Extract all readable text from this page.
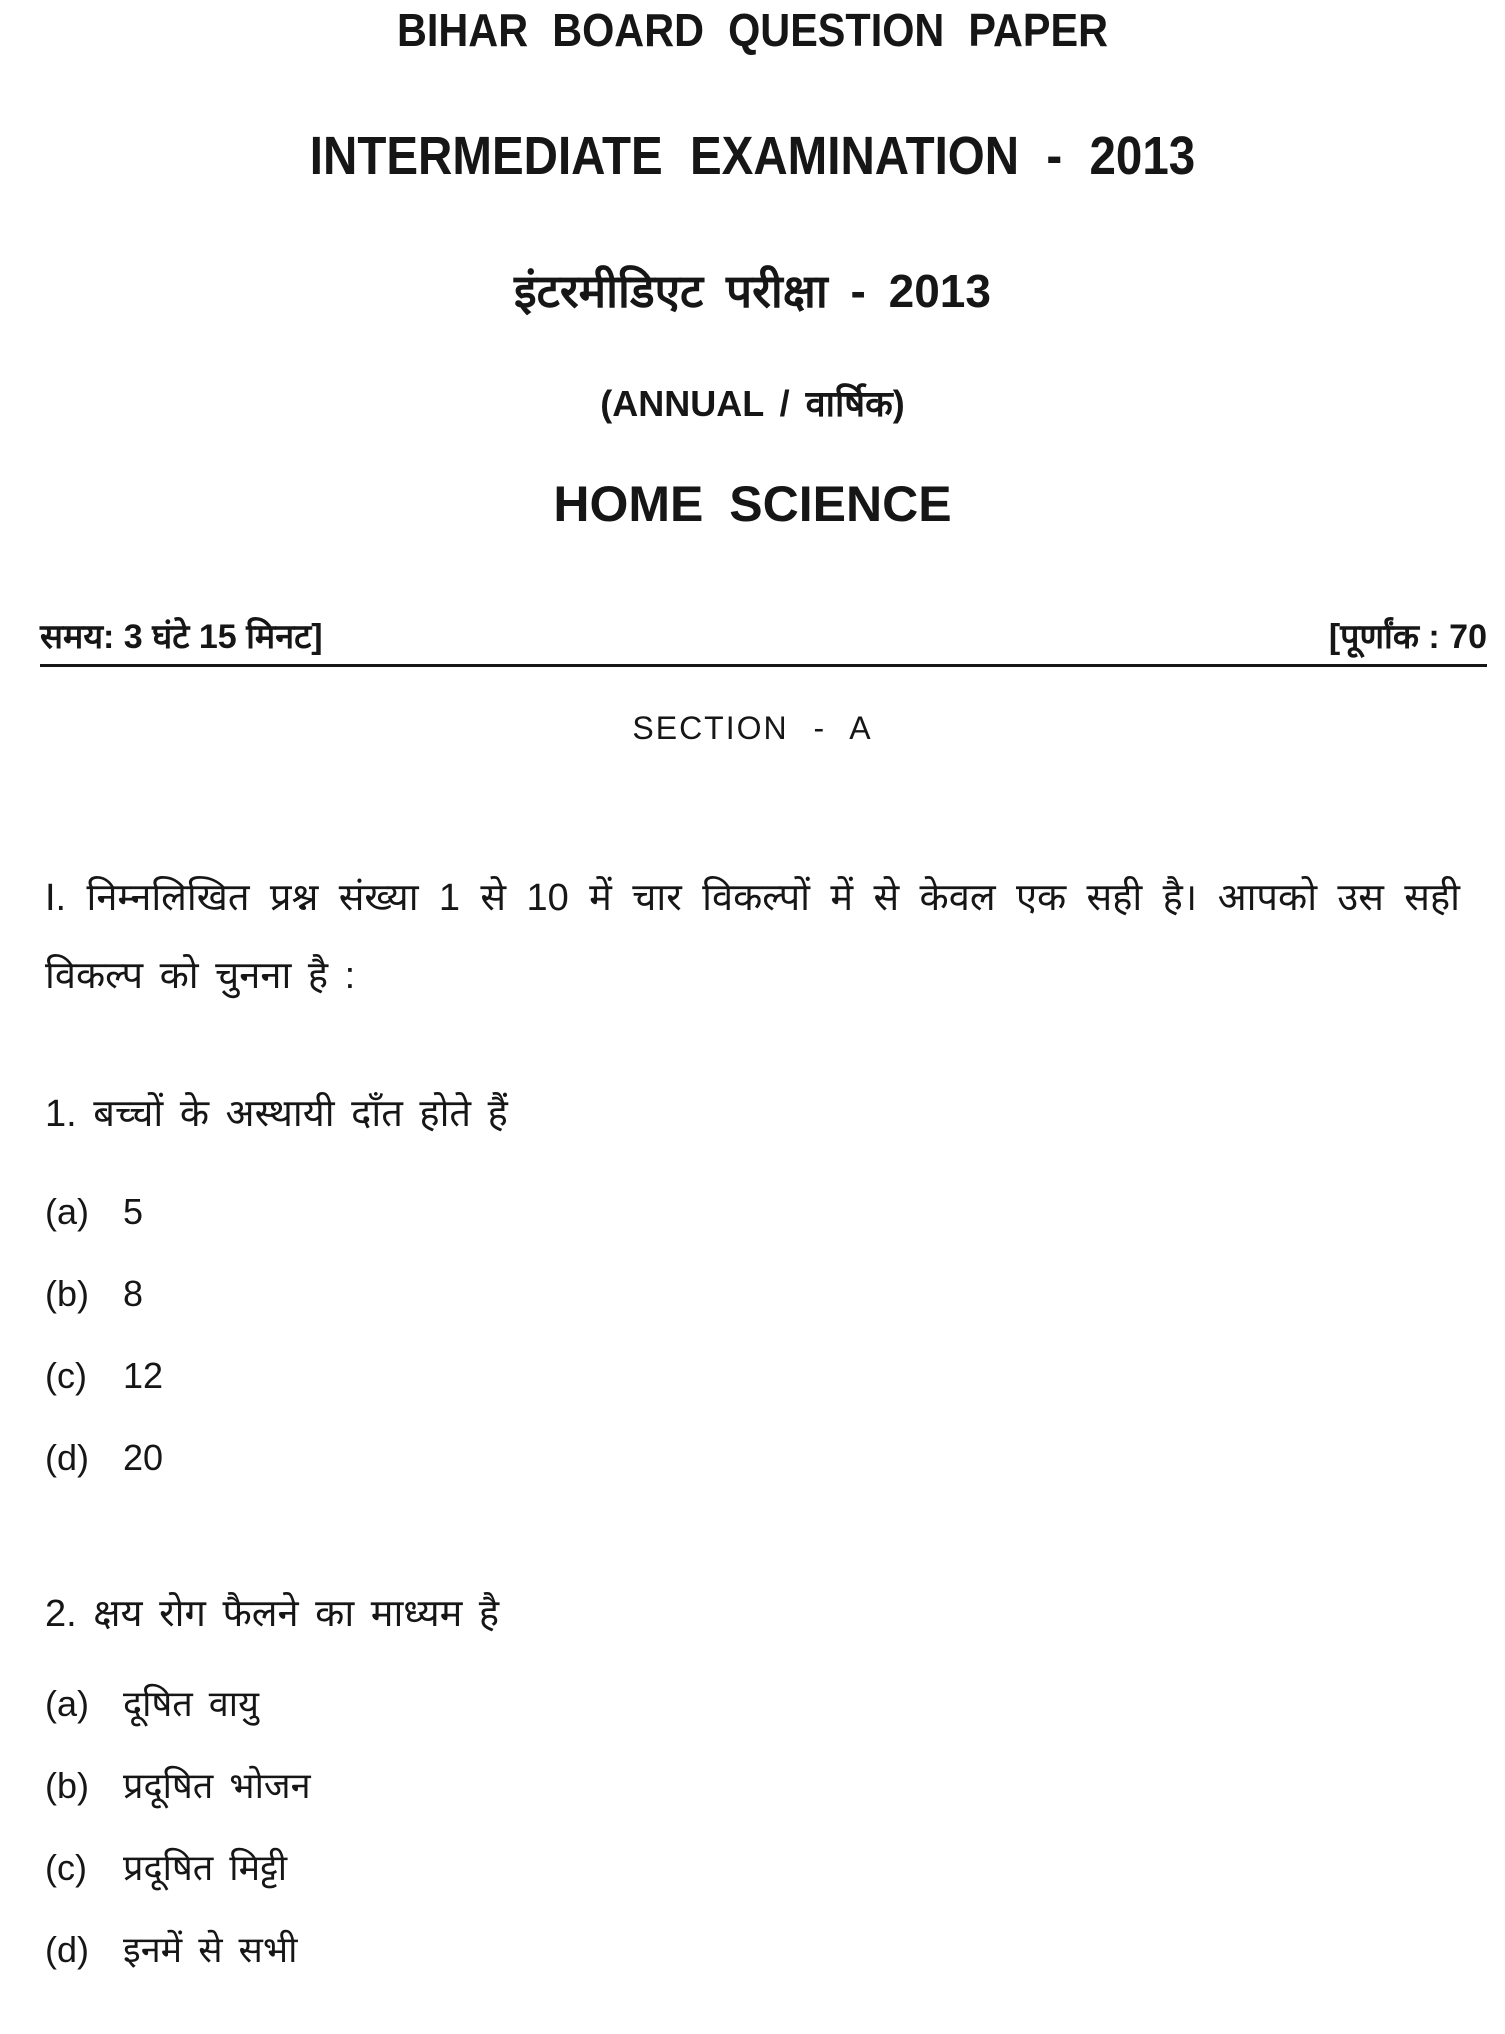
BIHAR BOARD QUESTION PAPER
INTERMEDIATE EXAMINATION - 2013
इंटरमीडिएट परीक्षा - 2013
(ANNUAL / वार्षिक)
HOME SCIENCE
समय: 3 घंटे 15 मिनट]	[पूर्णांक : 70
SECTION - A
I. निम्नलिखित प्रश्न संख्या 1 से 10 में चार विकल्पों में से केवल एक सही है। आपको उस सही विकल्प को चुनना है :
1. बच्चों के अस्थायी दाँत होते हैं
(a) 5
(b) 8
(c) 12
(d) 20
2. क्षय रोग फैलने का माध्यम है
(a) दूषित वायु
(b) प्रदूषित भोजन
(c) प्रदूषित मिट्टी
(d) इनमें से सभी
